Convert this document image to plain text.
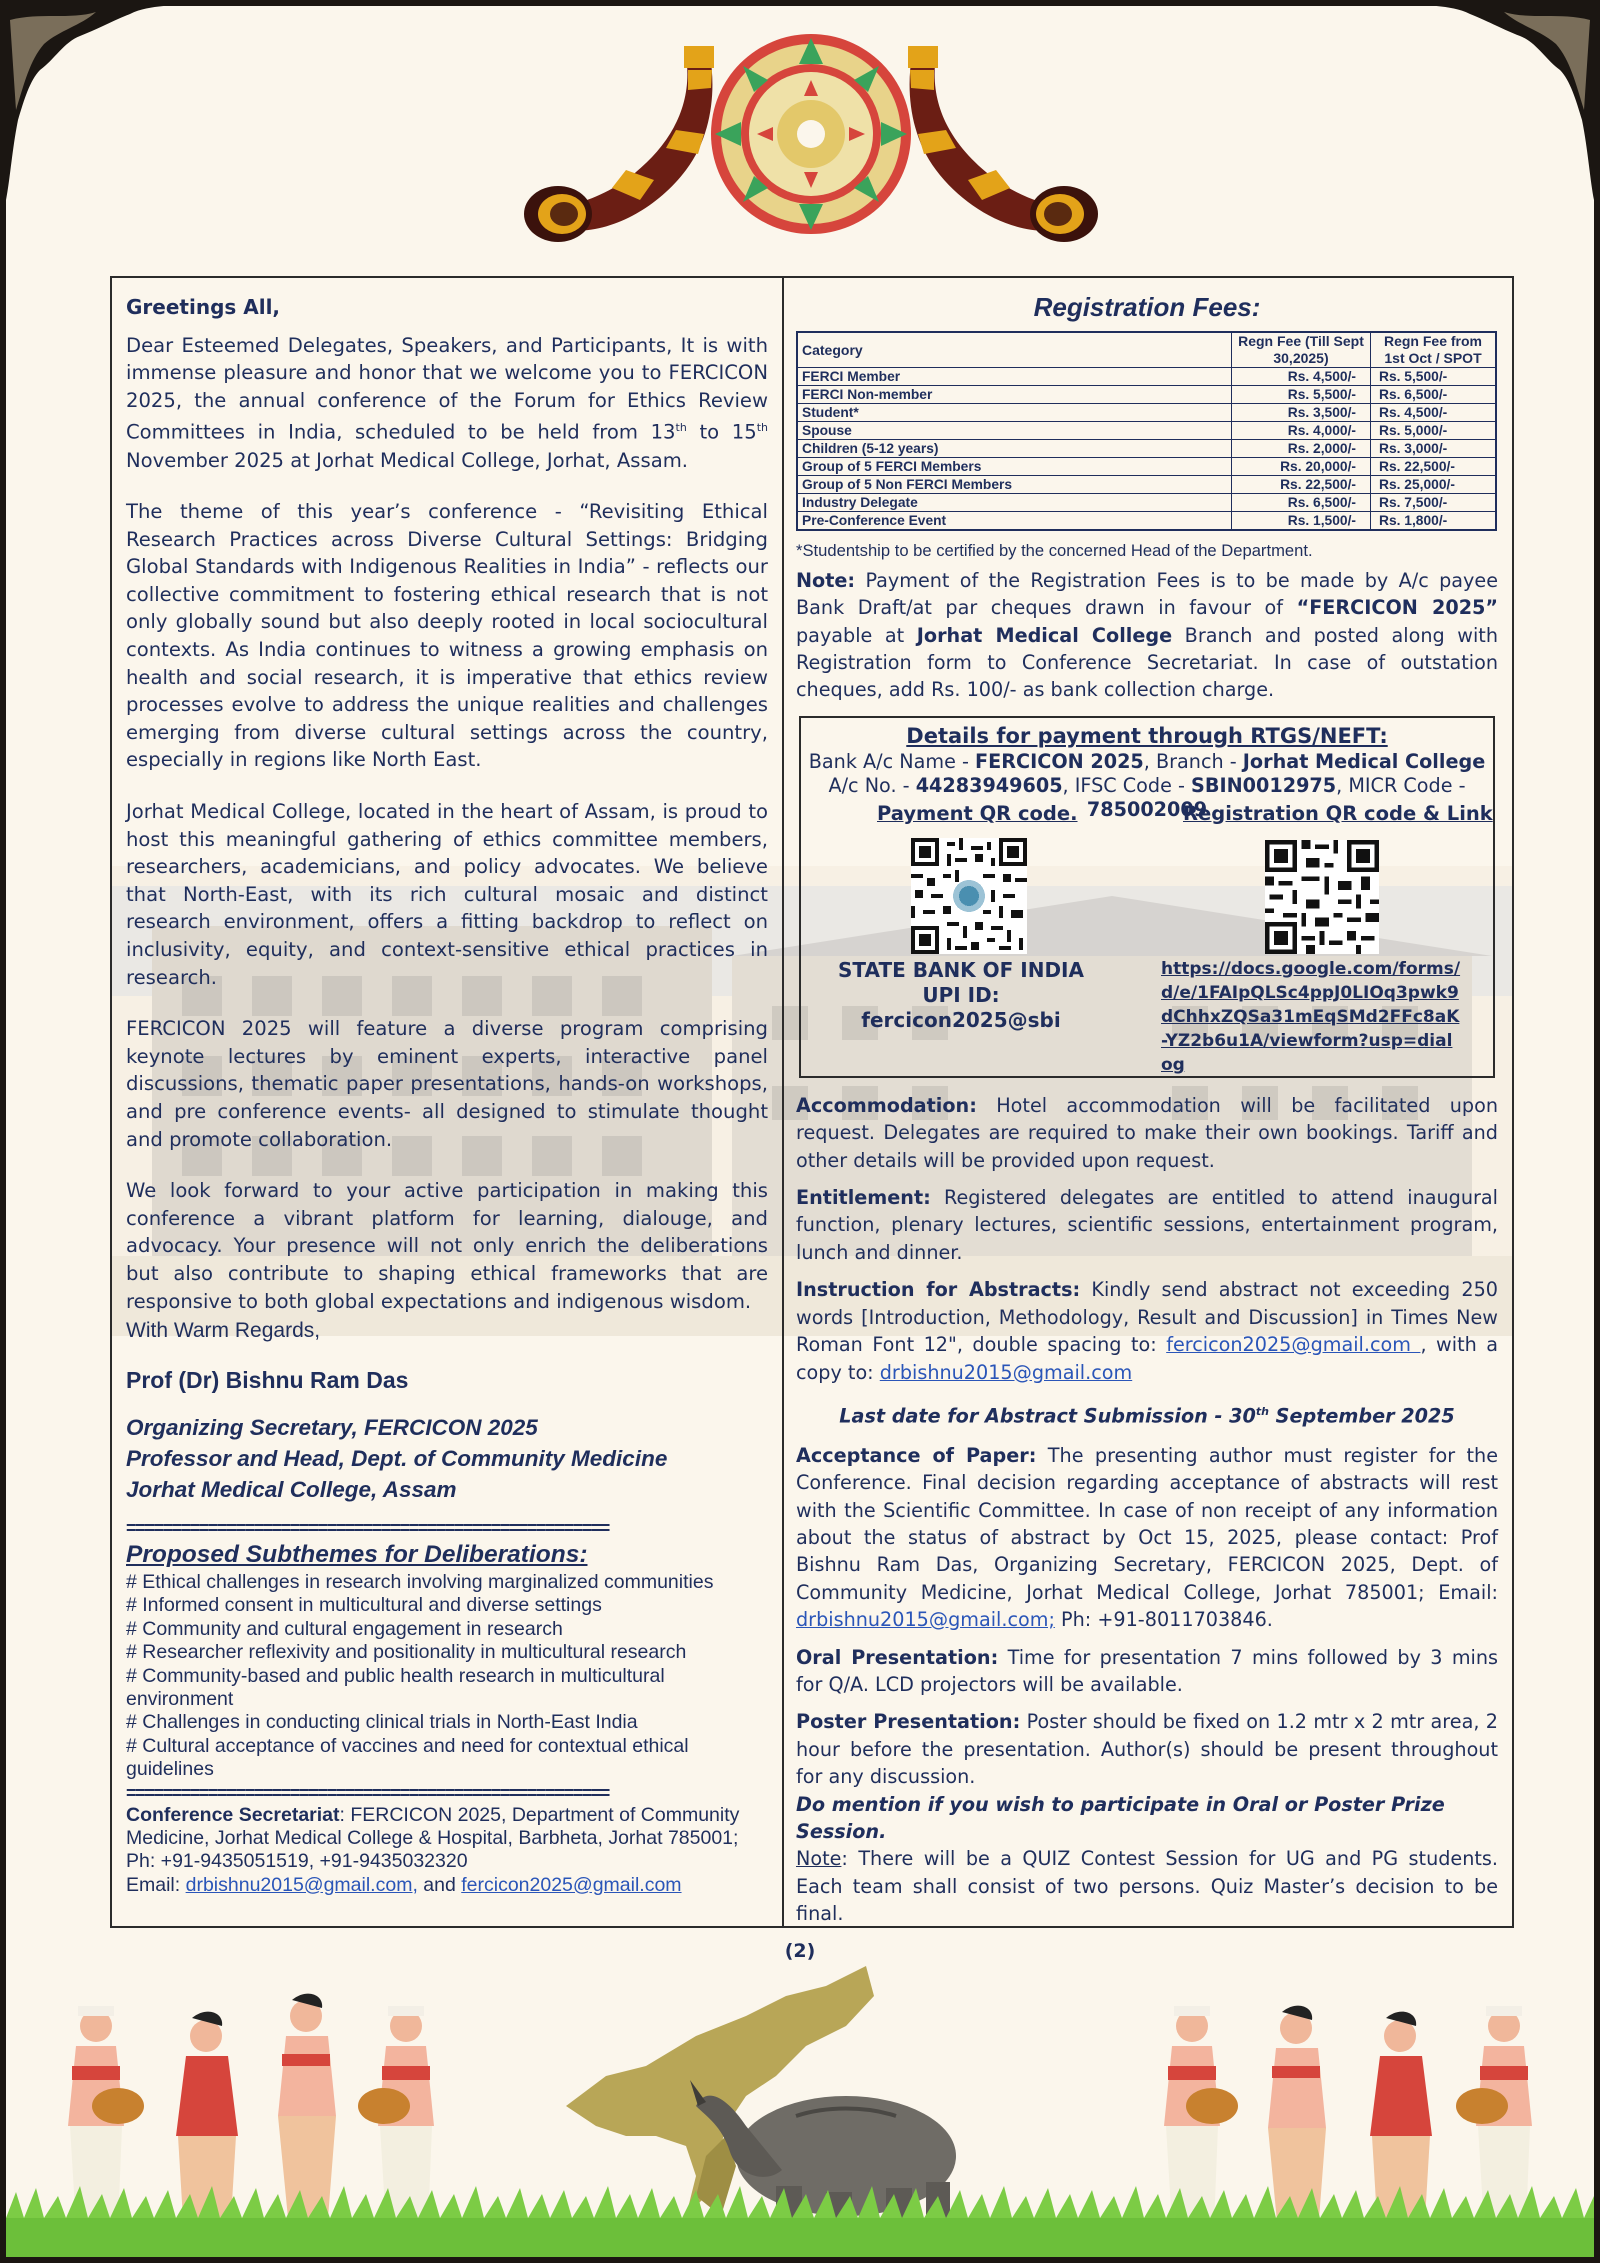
Greetings All,

Dear Esteemed Delegates, Speakers, and Participants, It is with immense pleasure and honor that we welcome you to FERCICON 2025, the annual conference of the Forum for Ethics Review Committees in India, scheduled to be held from 13th to 15th November 2025 at Jorhat Medical College, Jorhat, Assam.

The theme of this year’s conference - “Revisiting Ethical Research Practices across Diverse Cultural Settings: Bridging Global Standards with Indigenous Realities in India” - reflects our collective commitment to fostering ethical research that is not only globally sound but also deeply rooted in local sociocultural contexts. As India continues to witness a growing emphasis on health and social research, it is imperative that ethics review processes evolve to address the unique realities and challenges emerging from diverse cultural settings across the country, especially in regions like North East.

Jorhat Medical College, located in the heart of Assam, is proud to host this meaningful gathering of ethics committee members, researchers, academicians, and policy advocates. We believe that North-East, with its rich cultural mosaic and distinct research environment, offers a fitting backdrop to reflect on inclusivity, equity, and context-sensitive ethical practices in research.

FERCICON 2025 will feature a diverse program comprising keynote lectures by eminent experts, interactive panel discussions, thematic paper presentations, hands-on workshops, and pre conference events- all designed to stimulate thought and promote collaboration.

We look forward to your active participation in making this conference a vibrant platform for learning, dialouge, and advocacy. Your presence will not only enrich the deliberations but also contribute to shaping ethical frameworks that are responsive to both global expectations and indigenous wisdom.

With Warm Regards,
Prof (Dr) Bishnu Ram Das
Organizing Secretary, FERCICON 2025
Professor and Head, Dept. of Community Medicine
Jorhat Medical College, Assam
=====================================================
Proposed Subthemes for Deliberations:
# Ethical challenges in research involving marginalized communities
# Informed consent in multicultural and diverse settings
# Community and cultural engagement in research
# Researcher reflexivity and positionality in multicultural research
# Community-based and public health research in multicultural environment
# Challenges in conducting clinical trials in North-East India
# Cultural acceptance of vaccines and need for contextual ethical guidelines
=====================================================
Conference Secretariat: FERCICON 2025, Department of Community Medicine, Jorhat Medical College & Hospital, Barbheta, Jorhat 785001; Ph: +91-9435051519, +91-9435032320
Email: drbishnu2015@gmail.com, and fercicon2025@gmail.com
Registration Fees:
Category	Regn Fee (Till Sept 30,2025)	Regn Fee from 1st Oct / SPOT
FERCI Member	Rs. 4,500/-	Rs. 5,500/-
FERCI Non-member	Rs. 5,500/-	Rs. 6,500/-
Student*	Rs. 3,500/-	Rs. 4,500/-
Spouse	Rs. 4,000/-	Rs. 5,000/-
Children (5-12 years)	Rs. 2,000/-	Rs. 3,000/-
Group of 5 FERCI Members	Rs. 20,000/-	Rs. 22,500/-
Group of 5 Non FERCI Members	Rs. 22,500/-	Rs. 25,000/-
Industry Delegate	Rs. 6,500/-	Rs. 7,500/-
Pre-Conference Event	Rs. 1,500/-	Rs. 1,800/-
*Studentship to be certified by the concerned Head of the Department.

Note: Payment of the Registration Fees is to be made by A/c payee Bank Draft/at par cheques drawn in favour of “FERCICON 2025” payable at Jorhat Medical College Branch and posted along with Registration form to Conference Secretariat. In case of outstation cheques, add Rs. 100/- as bank collection charge.

Details for payment through RTGS/NEFT:
Bank A/c Name - FERCICON 2025, Branch - Jorhat Medical College
A/c No. - 44283949605, IFSC Code - SBIN0012975, MICR Code - 785002009
Payment QR code.	Registration QR code & Link
STATE BANK OF INDIA
UPI ID: fercicon2025@sbi
https://docs.google.com/forms/d/e/1FAIpQLSc4ppJ0LIOq3pwk9dChhxZQSa31mEqSMd2FFc8aK-YZ2b6u1A/viewform?usp=dialog

Accommodation: Hotel accommodation will be facilitated upon request. Delegates are required to make their own bookings. Tariff and other details will be provided upon request.

Entitlement: Registered delegates are entitled to attend inaugural function, plenary lectures, scientific sessions, entertainment program, lunch and dinner.

Instruction for Abstracts: Kindly send abstract not exceeding 250 words [Introduction, Methodology, Result and Discussion] in Times New Roman Font 12", double spacing to: fercicon2025@gmail.com , with a copy to: drbishnu2015@gmail.com

Last date for Abstract Submission - 30th September 2025

Acceptance of Paper: The presenting author must register for the Conference. Final decision regarding acceptance of abstracts will rest with the Scientific Committee. In case of non receipt of any information about the status of abstract by Oct 15, 2025, please contact: Prof Bishnu Ram Das, Organizing Secretary, FERCICON 2025, Dept. of Community Medicine, Jorhat Medical College, Jorhat 785001; Email: drbishnu2015@gmail.com; Ph: +91-8011703846.

Oral Presentation: Time for presentation 7 mins followed by 3 mins for Q/A. LCD projectors will be available.

Poster Presentation: Poster should be fixed on 1.2 mtr x 2 mtr area, 2 hour before the presentation. Author(s) should be present throughout for any discussion.

Do mention if you wish to participate in Oral or Poster Prize Session.

Note: There will be a QUIZ Contest Session for UG and PG students. Each team shall consist of two persons. Quiz Master’s decision to be final.

(2)
